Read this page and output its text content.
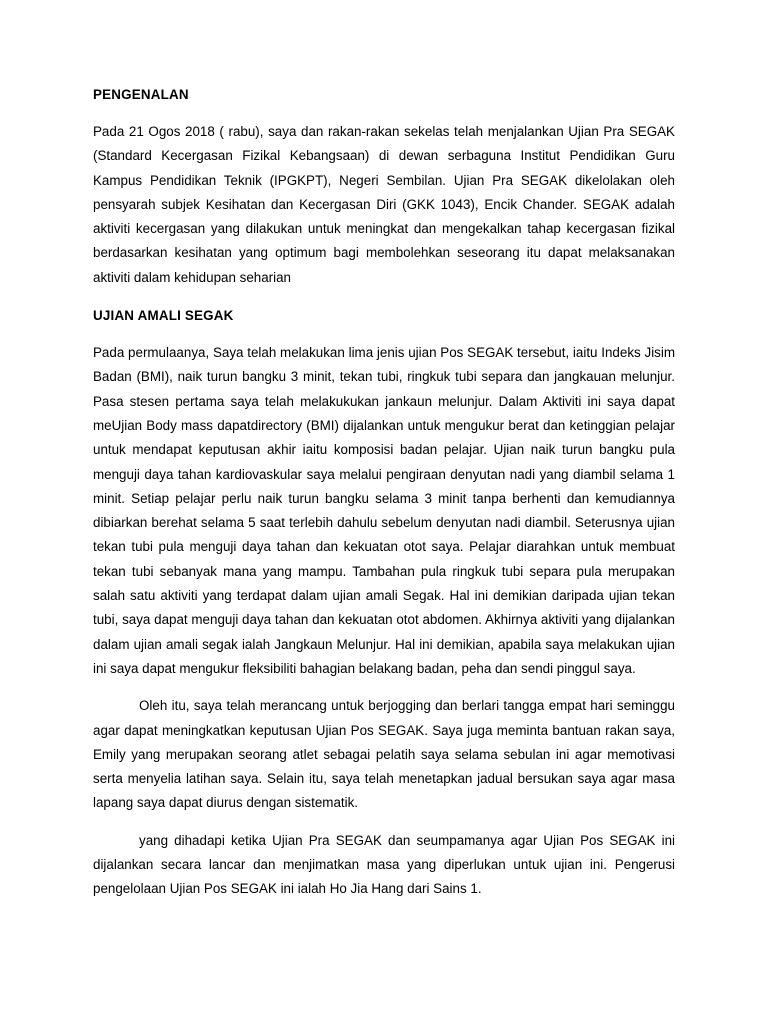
PENGENALAN

Pada 21 Ogos 2018 ( rabu), saya dan rakan-rakan sekelas telah menjalankan Ujian Pra SEGAK (Standard Kecergasan Fizikal Kebangsaan) di dewan serbaguna Institut Pendidikan Guru Kampus Pendidikan Teknik (IPGKPT), Negeri Sembilan. Ujian Pra SEGAK dikelolakan oleh pensyarah subjek Kesihatan dan Kecergasan Diri (GKK 1043), Encik Chander. SEGAK adalah aktiviti kecergasan yang dilakukan untuk meningkat dan mengekalkan tahap kecergasan fizikal berdasarkan kesihatan yang optimum bagi membolehkan seseorang itu dapat melaksanakan aktiviti dalam kehidupan seharian

UJIAN AMALI SEGAK

Pada permulaanya, Saya telah melakukan lima jenis ujian Pos SEGAK tersebut, iaitu Indeks Jisim Badan (BMI), naik turun bangku 3 minit, tekan tubi, ringkuk tubi separa dan jangkauan melunjur. Pasa stesen pertama saya telah melakukukan jankaun melunjur. Dalam Aktiviti ini saya dapat meUjian Body mass dapatdirectory (BMI) dijalankan untuk mengukur berat dan ketinggian pelajar untuk mendapat keputusan akhir iaitu komposisi badan pelajar. Ujian naik turun bangku pula menguji daya tahan kardiovaskular saya melalui pengiraan denyutan nadi yang diambil selama 1 minit. Setiap pelajar perlu naik turun bangku selama 3 minit tanpa berhenti dan kemudiannya dibiarkan berehat selama 5 saat terlebih dahulu sebelum denyutan nadi diambil. Seterusnya ujian tekan tubi pula menguji daya tahan dan kekuatan otot saya. Pelajar diarahkan untuk membuat tekan tubi sebanyak mana yang mampu. Tambahan pula ringkuk tubi separa pula merupakan salah satu aktiviti yang terdapat dalam ujian amali Segak. Hal ini demikian daripada ujian tekan tubi, saya dapat menguji daya tahan dan kekuatan otot abdomen. Akhirnya aktiviti yang dijalankan dalam ujian amali segak ialah Jangkaun Melunjur. Hal ini demikian, apabila saya melakukan ujian ini saya dapat mengukur fleksibiliti bahagian belakang badan, peha dan sendi pinggul saya.

Oleh itu, saya telah merancang untuk berjogging dan berlari tangga empat hari seminggu agar dapat meningkatkan keputusan Ujian Pos SEGAK. Saya juga meminta bantuan rakan saya, Emily yang merupakan seorang atlet sebagai pelatih saya selama sebulan ini agar memotivasi serta menyelia latihan saya. Selain itu, saya telah menetapkan jadual bersukan saya agar masa lapang saya dapat diurus dengan sistematik.

yang dihadapi ketika Ujian Pra SEGAK dan seumpamanya agar Ujian Pos SEGAK ini dijalankan secara lancar dan menjimatkan masa yang diperlukan untuk ujian ini. Pengerusi pengelolaan Ujian Pos SEGAK ini ialah Ho Jia Hang dari Sains 1.
